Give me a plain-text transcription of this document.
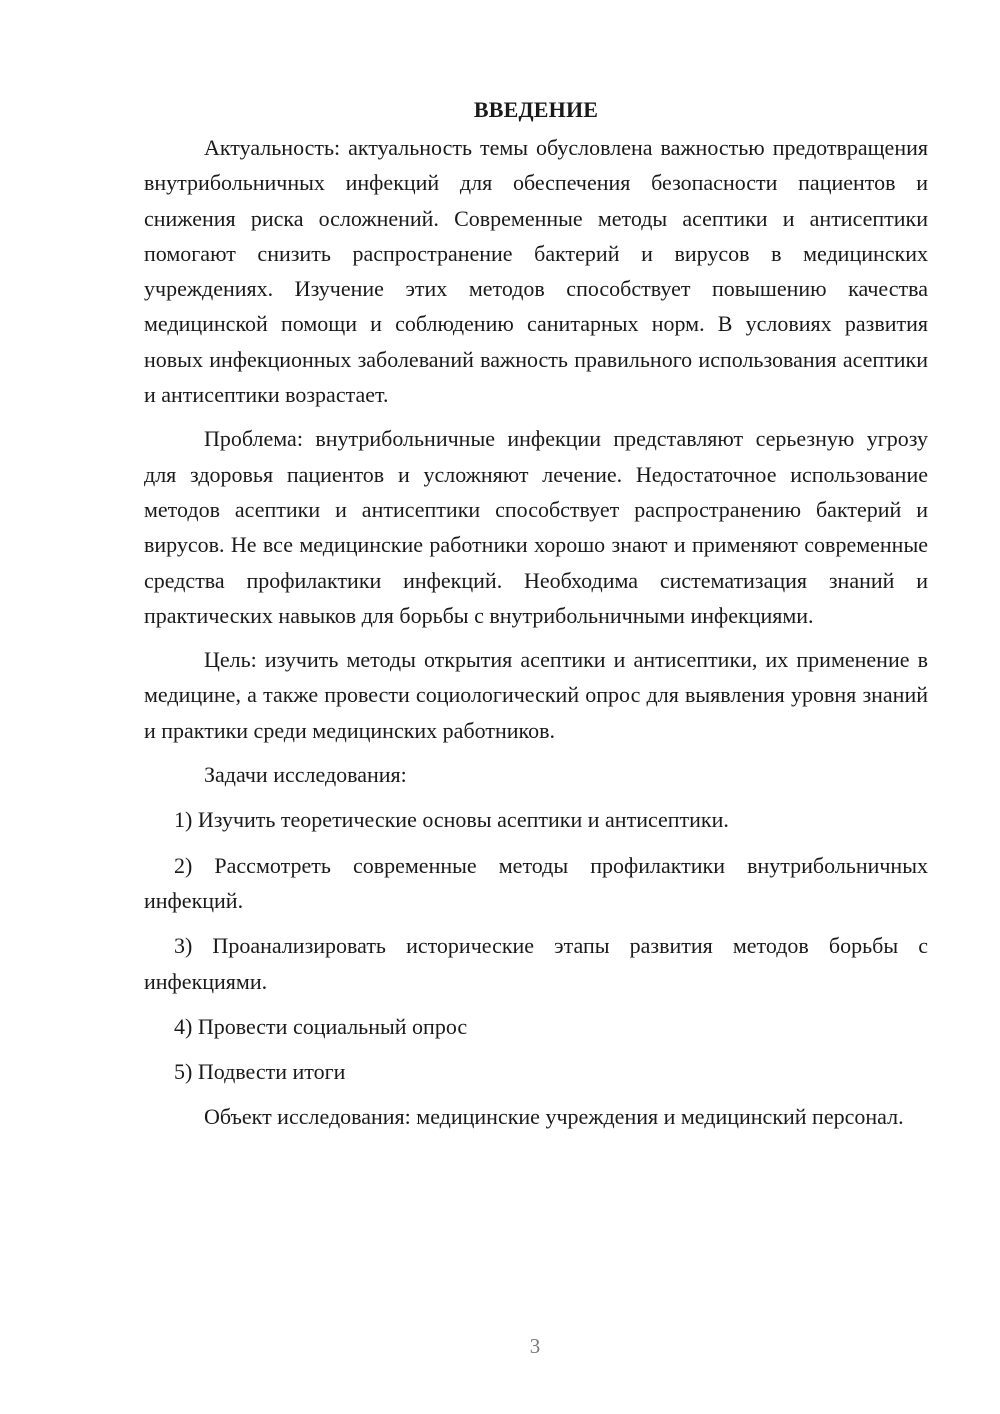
ВВЕДЕНИЕ

Актуальность: актуальность темы обусловлена важностью предотвращения внутрибольничных инфекций для обеспечения безопасности пациентов и снижения риска осложнений. Современные методы асептики и антисептики помогают снизить распространение бактерий и вирусов в медицинских учреждениях. Изучение этих методов способствует повышению качества медицинской помощи и соблюдению санитарных норм. В условиях развития новых инфекционных заболеваний важность правильного использования асептики и антисептики возрастает.

Проблема: внутрибольничные инфекции представляют серьезную угрозу для здоровья пациентов и усложняют лечение. Недостаточное использование методов асептики и антисептики способствует распространению бактерий и вирусов. Не все медицинские работники хорошо знают и применяют современные средства профилактики инфекций. Необходима систематизация знаний и практических навыков для борьбы с внутрибольничными инфекциями.

Цель: изучить методы открытия асептики и антисептики, их применение в медицине, а также провести социологический опрос для выявления уровня знаний и практики среди медицинских работников.

Задачи исследования:

1) Изучить теоретические основы асептики и антисептики.

2) Рассмотреть современные методы профилактики внутрибольничных инфекций.

3) Проанализировать исторические этапы развития методов борьбы с инфекциями.

4) Провести социальный опрос

5) Подвести итоги

Объект исследования: медицинские учреждения и медицинский персонал.

3
